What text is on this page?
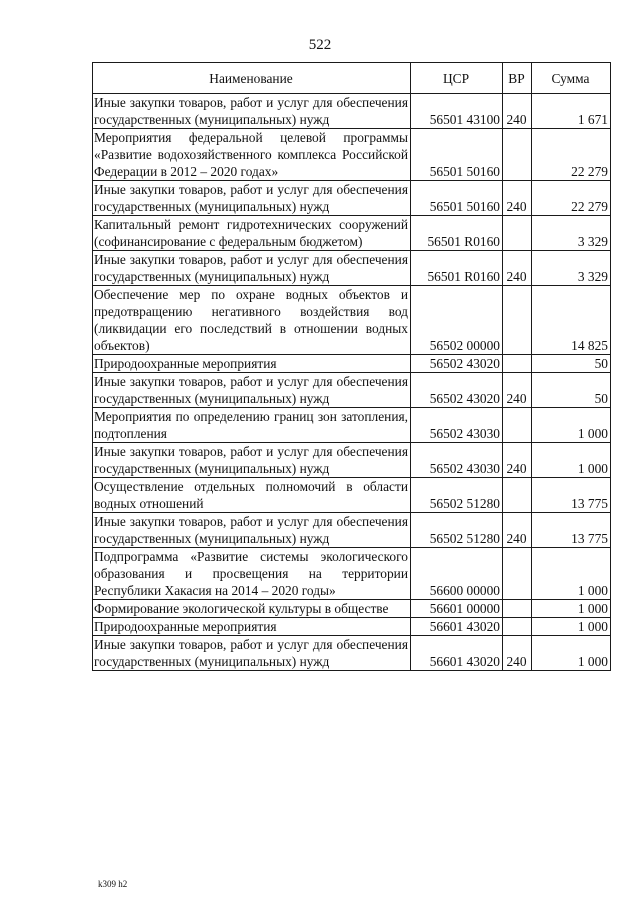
522
Наименование	ЦСР	ВР	Сумма
Иные закупки товаров, работ и услуг для обеспечения государственных (муниципальных) нужд	56501 43100	240	1 671
Мероприятия федеральной целевой программы «Развитие водохозяйственного комплекса Российской Федерации в 2012 – 2020 годах»	56501 50160		22 279
Иные закупки товаров, работ и услуг для обеспечения государственных (муниципальных) нужд	56501 50160	240	22 279
Капитальный ремонт гидротехнических сооружений (софинансирование с федеральным бюджетом)	56501 R0160		3 329
Иные закупки товаров, работ и услуг для обеспечения государственных (муниципальных) нужд	56501 R0160	240	3 329
Обеспечение мер по охране водных объектов и предотвращению негативного воздействия вод (ликвидации его последствий в отношении водных объектов)	56502 00000		14 825
Природоохранные мероприятия	56502 43020		50
Иные закупки товаров, работ и услуг для обеспечения государственных (муниципальных) нужд	56502 43020	240	50
Мероприятия по определению границ зон затопления, подтопления	56502 43030		1 000
Иные закупки товаров, работ и услуг для обеспечения государственных (муниципальных) нужд	56502 43030	240	1 000
Осуществление отдельных полномочий в области водных отношений	56502 51280		13 775
Иные закупки товаров, работ и услуг для обеспечения государственных (муниципальных) нужд	56502 51280	240	13 775
Подпрограмма «Развитие системы экологического образования и просвещения на территории Республики Хакасия на 2014 – 2020 годы»	56600 00000		1 000
Формирование экологической культуры в обществе	56601 00000		1 000
Природоохранные мероприятия	56601 43020		1 000
Иные закупки товаров, работ и услуг для обеспечения государственных (муниципальных) нужд	56601 43020	240	1 000
k309 h2
